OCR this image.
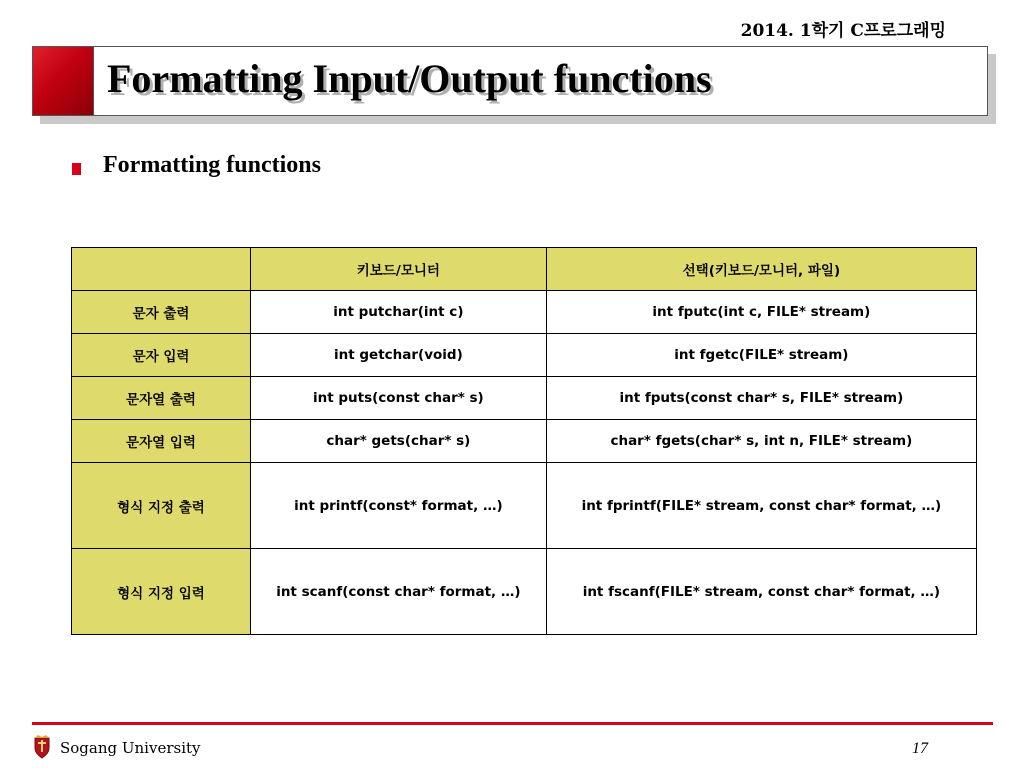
2014. 1학기 C프로그래밍
Formatting Input/Output functions
Formatting functions
	키보드/모니터	선택(키보드/모니터, 파일)
문자 출력	int putchar(int c)	int fputc(int c, FILE* stream)
문자 입력	int getchar(void)	int fgetc(FILE* stream)
문자열 출력	int puts(const char* s)	int fputs(const char* s, FILE* stream)
문자열 입력	char* gets(char* s)	char* fgets(char* s, int n, FILE* stream)
형식 지정 출력	int printf(const* format, …)	int fprintf(FILE* stream, const char* format, …)
형식 지정 입력	int scanf(const char* format, …)	int fscanf(FILE* stream, const char* format, …)
Sogang University	17
